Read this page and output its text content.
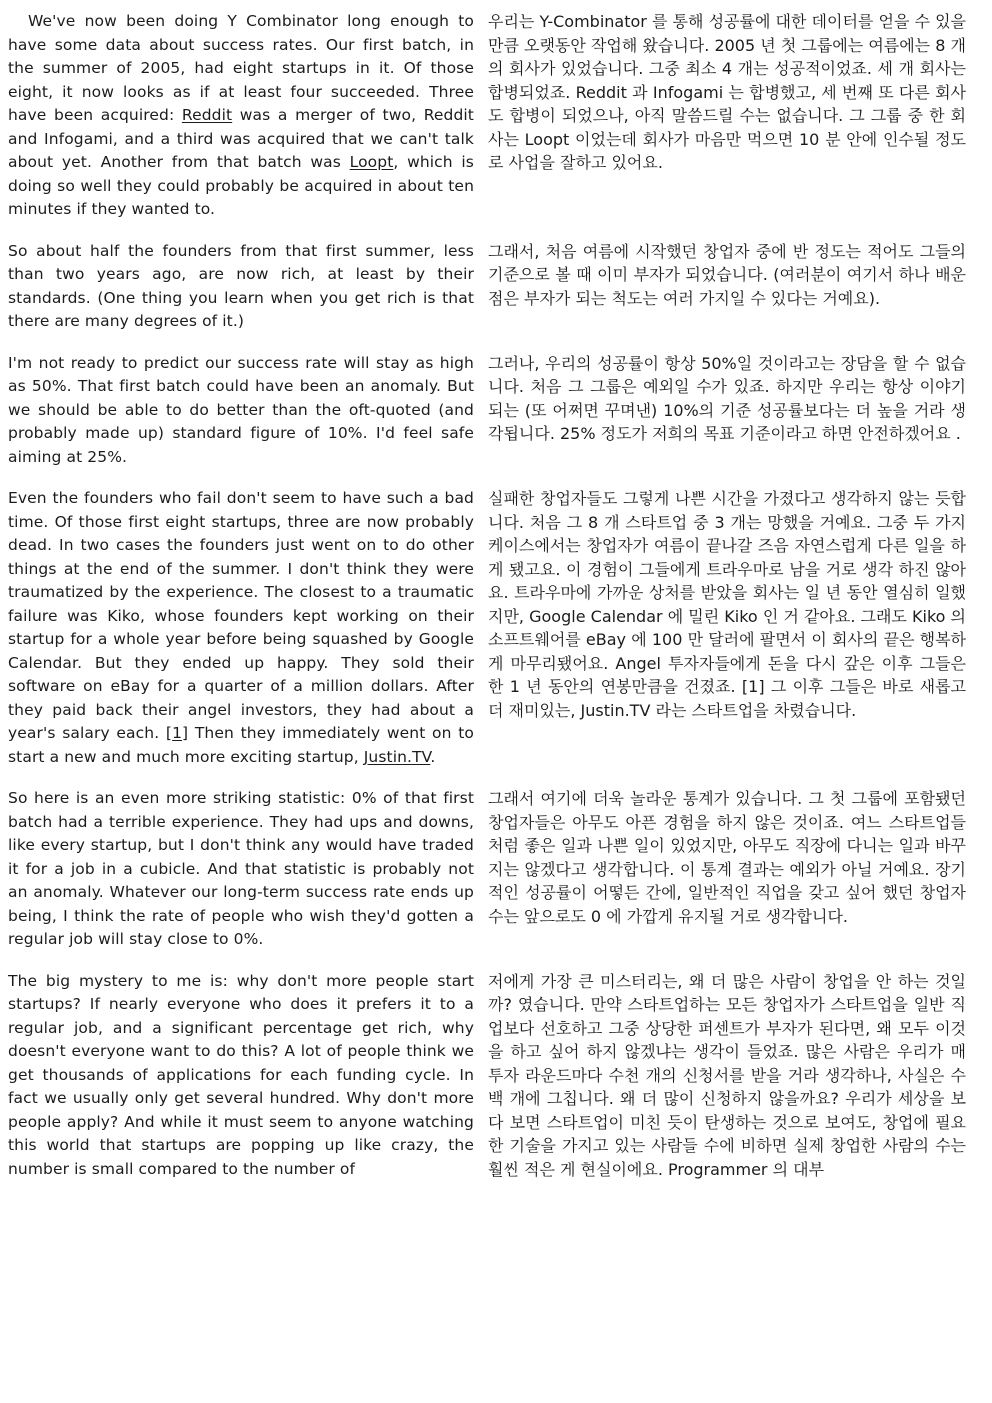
We've now been doing Y Combinator long enough to have some data about success rates. Our first batch, in the summer of 2005, had eight startups in it. Of those eight, it now looks as if at least four succeeded. Three have been acquired: Reddit was a merger of two, Reddit and Infogami, and a third was acquired that we can't talk about yet. Another from that batch was Loopt, which is doing so well they could probably be acquired in about ten minutes if they wanted to.

우리는 Y-Combinator 를 통해 성공률에 대한 데이터를 얻을 수 있을 만큼 오랫동안 작업해 왔습니다. 2005 년 첫 그룹에는 여름에는 8 개의 회사가 있었습니다. 그중 최소 4 개는 성공적이었죠. 세 개 회사는 합병되었죠. Reddit 과 Infogami 는 합병했고, 세 번째 또 다른 회사도 합병이 되었으나, 아직 말씀드릴 수는 없습니다. 그 그룹 중 한 회사는 Loopt 이었는데 회사가 마음만 먹으면 10 분 안에 인수될 정도로 사업을 잘하고 있어요.

So about half the founders from that first summer, less than two years ago, are now rich, at least by their standards. (One thing you learn when you get rich is that there are many degrees of it.)

그래서, 처음 여름에 시작했던 창업자 중에 반 정도는 적어도 그들의 기준으로 볼 때 이미 부자가 되었습니다. (여러분이 여기서 하나 배운 점은 부자가 되는 척도는 여러 가지일 수 있다는 거예요).

I'm not ready to predict our success rate will stay as high as 50%. That first batch could have been an anomaly. But we should be able to do better than the oft-quoted (and probably made up) standard figure of 10%. I'd feel safe aiming at 25%.

그러나, 우리의 성공률이 항상 50%일 것이라고는 장담을 할 수 없습니다. 처음 그 그룹은 예외일 수가 있죠. 하지만 우리는 항상 이야기되는 (또 어쩌면 꾸며낸) 10%의 기준 성공률보다는 더 높을 거라 생각됩니다. 25% 정도가 저희의 목표 기준이라고 하면 안전하겠어요 .

Even the founders who fail don't seem to have such a bad time. Of those first eight startups, three are now probably dead. In two cases the founders just went on to do other things at the end of the summer. I don't think they were traumatized by the experience. The closest to a traumatic failure was Kiko, whose founders kept working on their startup for a whole year before being squashed by Google Calendar. But they ended up happy. They sold their software on eBay for a quarter of a million dollars. After they paid back their angel investors, they had about a year's salary each. [1] Then they immediately went on to start a new and much more exciting startup, Justin.TV.

실패한 창업자들도 그렇게 나쁜 시간을 가졌다고 생각하지 않는 듯합니다. 처음 그 8 개 스타트업 중 3 개는 망했을 거예요. 그중 두 가지 케이스에서는 창업자가 여름이 끝나갈 즈음 자연스럽게 다른 일을 하게 됐고요. 이 경험이 그들에게 트라우마로 남을 거로 생각 하진 않아요. 트라우마에 가까운 상처를 받았을 회사는 일 년 동안 열심히 일했지만, Google Calendar 에 밀린 Kiko 인 거 같아요. 그래도 Kiko 의 소프트웨어를 eBay 에 100 만 달러에 팔면서 이 회사의 끝은 행복하게 마무리됐어요. Angel 투자자들에게 돈을 다시 갚은 이후 그들은 한 1 년 동안의 연봉만큼을 건졌죠. [1] 그 이후 그들은 바로 새롭고 더 재미있는, Justin.TV 라는 스타트업을 차렸습니다.

So here is an even more striking statistic: 0% of that first batch had a terrible experience. They had ups and downs, like every startup, but I don't think any would have traded it for a job in a cubicle. And that statistic is probably not an anomaly. Whatever our long-term success rate ends up being, I think the rate of people who wish they'd gotten a regular job will stay close to 0%.

그래서 여기에 더욱 놀라운 통계가 있습니다. 그 첫 그룹에 포함됐던 창업자들은 아무도 아픈 경험을 하지 않은 것이죠. 여느 스타트업들처럼 좋은 일과 나쁜 일이 있었지만, 아무도 직장에 다니는 일과 바꾸지는 않겠다고 생각합니다. 이 통계 결과는 예외가 아닐 거예요. 장기적인 성공률이 어떻든 간에, 일반적인 직업을 갖고 싶어 했던 창업자 수는 앞으로도 0 에 가깝게 유지될 거로 생각합니다.

The big mystery to me is: why don't more people start startups? If nearly everyone who does it prefers it to a regular job, and a significant percentage get rich, why doesn't everyone want to do this? A lot of people think we get thousands of applications for each funding cycle. In fact we usually only get several hundred. Why don't more people apply? And while it must seem to anyone watching this world that startups are popping up like crazy, the number is small compared to the number of

저에게 가장 큰 미스터리는, 왜 더 많은 사람이 창업을 안 하는 것일까? 였습니다. 만약 스타트업하는 모든 창업자가 스타트업을 일반 직업보다 선호하고 그중 상당한 퍼센트가 부자가 된다면, 왜 모두 이것을 하고 싶어 하지 않겠냐는 생각이 들었죠. 많은 사람은 우리가 매 투자 라운드마다 수천 개의 신청서를 받을 거라 생각하나, 사실은 수백 개에 그칩니다. 왜 더 많이 신청하지 않을까요? 우리가 세상을 보다 보면 스타트업이 미친 듯이 탄생하는 것으로 보여도, 창업에 필요한 기술을 가지고 있는 사람들 수에 비하면 실제 창업한 사람의 수는 훨씬 적은 게 현실이에요. Programmer 의 대부
